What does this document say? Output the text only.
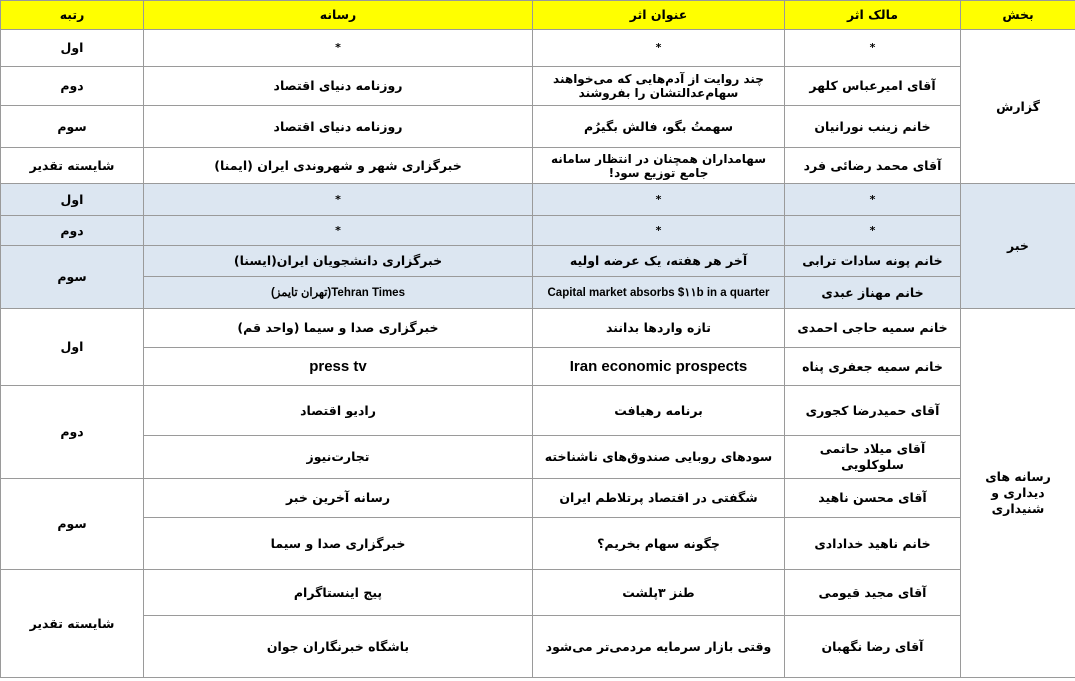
بخش	مالک اثر	عنوان اثر	رسانه	رتبه
گزارش	*	*	*	اول
	آقای امیرعباس کلهر	چند روایت از آدم‌هایی که می‌خواهند سهام‌عدالتشان را بفروشند	روزنامه دنیای اقتصاد	دوم
	خانم زینب نورانیان	سهمتُ بگو، فالش بگیرُم	روزنامه دنیای اقتصاد	سوم
	آقای محمد رضائی فرد	سهامداران همچنان در انتظار سامانه جامع توزیع سود!	خبرگزاری شهر و شهروندی ایران (ایمنا)	شایسته تقدیر
خبر	*	*	*	اول
	*	*	*	دوم
	خانم پونه سادات ترابی	آخر هر هفته، یک عرضه اولیه	خبرگزاری دانشجویان ایران(ایسنا)	سوم
	خانم مهناز عبدی	Capital market absorbs $۱۱b in a quarter	Tehran Times(تهران تایمز)	
رسانه های دیداری و شنیداری	خانم سمیه حاجی احمدی	تازه واردها بدانند	خبرگزاری صدا و سیما (واحد قم)	اول
	خانم سمیه جعفری پناه	Iran economic prospects	press tv	
	آقای حمیدرضا کجوری	برنامه رهیافت	رادیو اقتصاد	دوم
	آقای میلاد حاتمی سلوکلویی	سودهای روبایی صندوق‌های ناشناخته	تجارت‌نیوز	
	آقای محسن ناهید	شگفتی در اقتصاد پرتلاطم ایران	رسانه آخرین خبر	سوم
	خانم ناهید خدادادی	چگونه سهام بخریم؟	خبرگزاری صدا و سیما	
	آقای مجید قیومی	طنز ۳پلشت	پیج اینستاگرام	شایسته تقدیر
	آقای رضا نگهبان	وقتی بازار سرمایه مردمی‌تر می‌شود	باشگاه خبرنگاران جوان	
